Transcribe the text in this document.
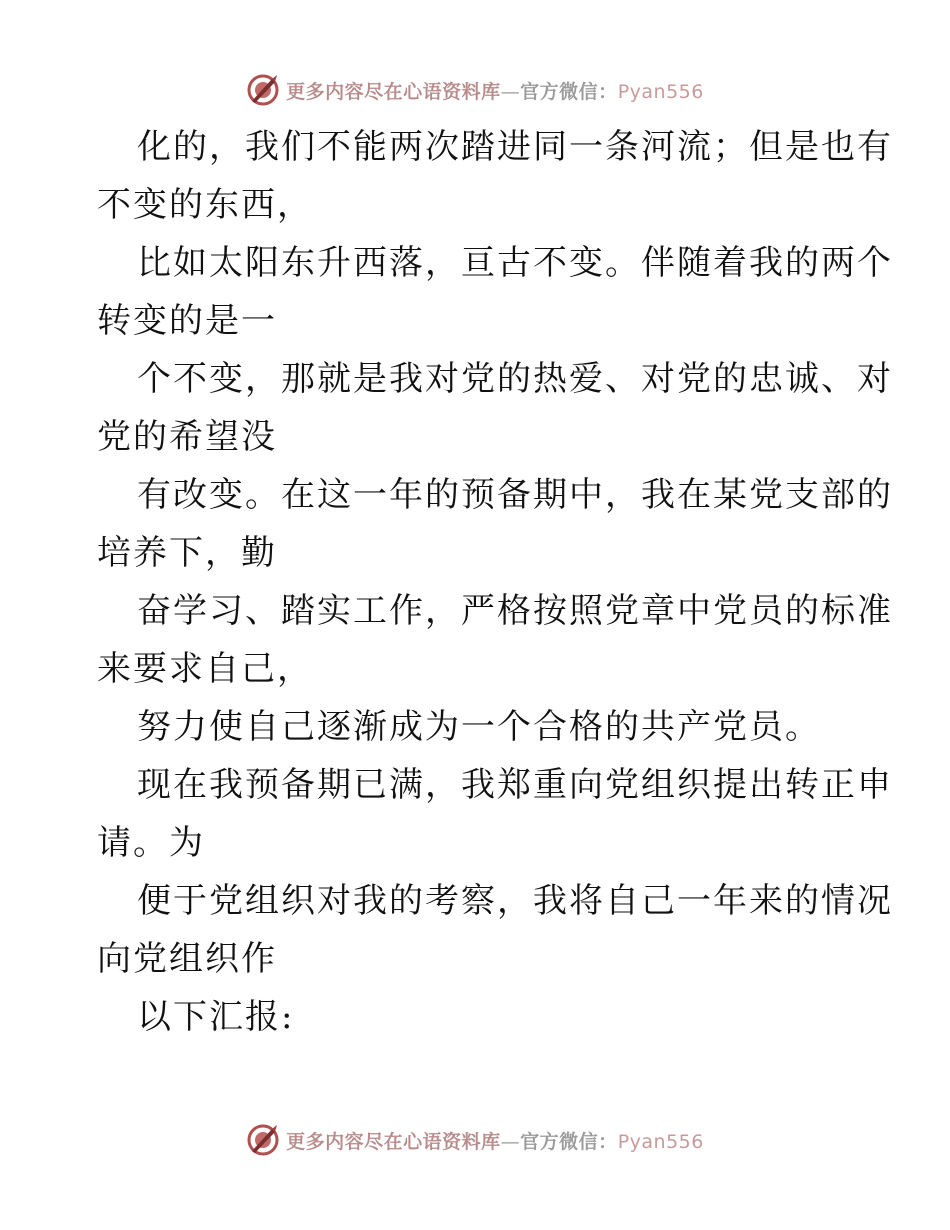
更多内容尽在心语资料库—官方微信：Pyan556
化的，我们不能两次踏进同一条河流；但是也有
不变的东西，
比如太阳东升西落，亘古不变。伴随着我的两个
转变的是一
个不变，那就是我对党的热爱、对党的忠诚、对
党的希望没
有改变。在这一年的预备期中，我在某党支部的
培养下，勤
奋学习、踏实工作，严格按照党章中党员的标准
来要求自己，
努力使自己逐渐成为一个合格的共产党员。
现在我预备期已满，我郑重向党组织提出转正申
请。为
便于党组织对我的考察，我将自己一年来的情况
向党组织作
以下汇报:
更多内容尽在心语资料库—官方微信：Pyan556
